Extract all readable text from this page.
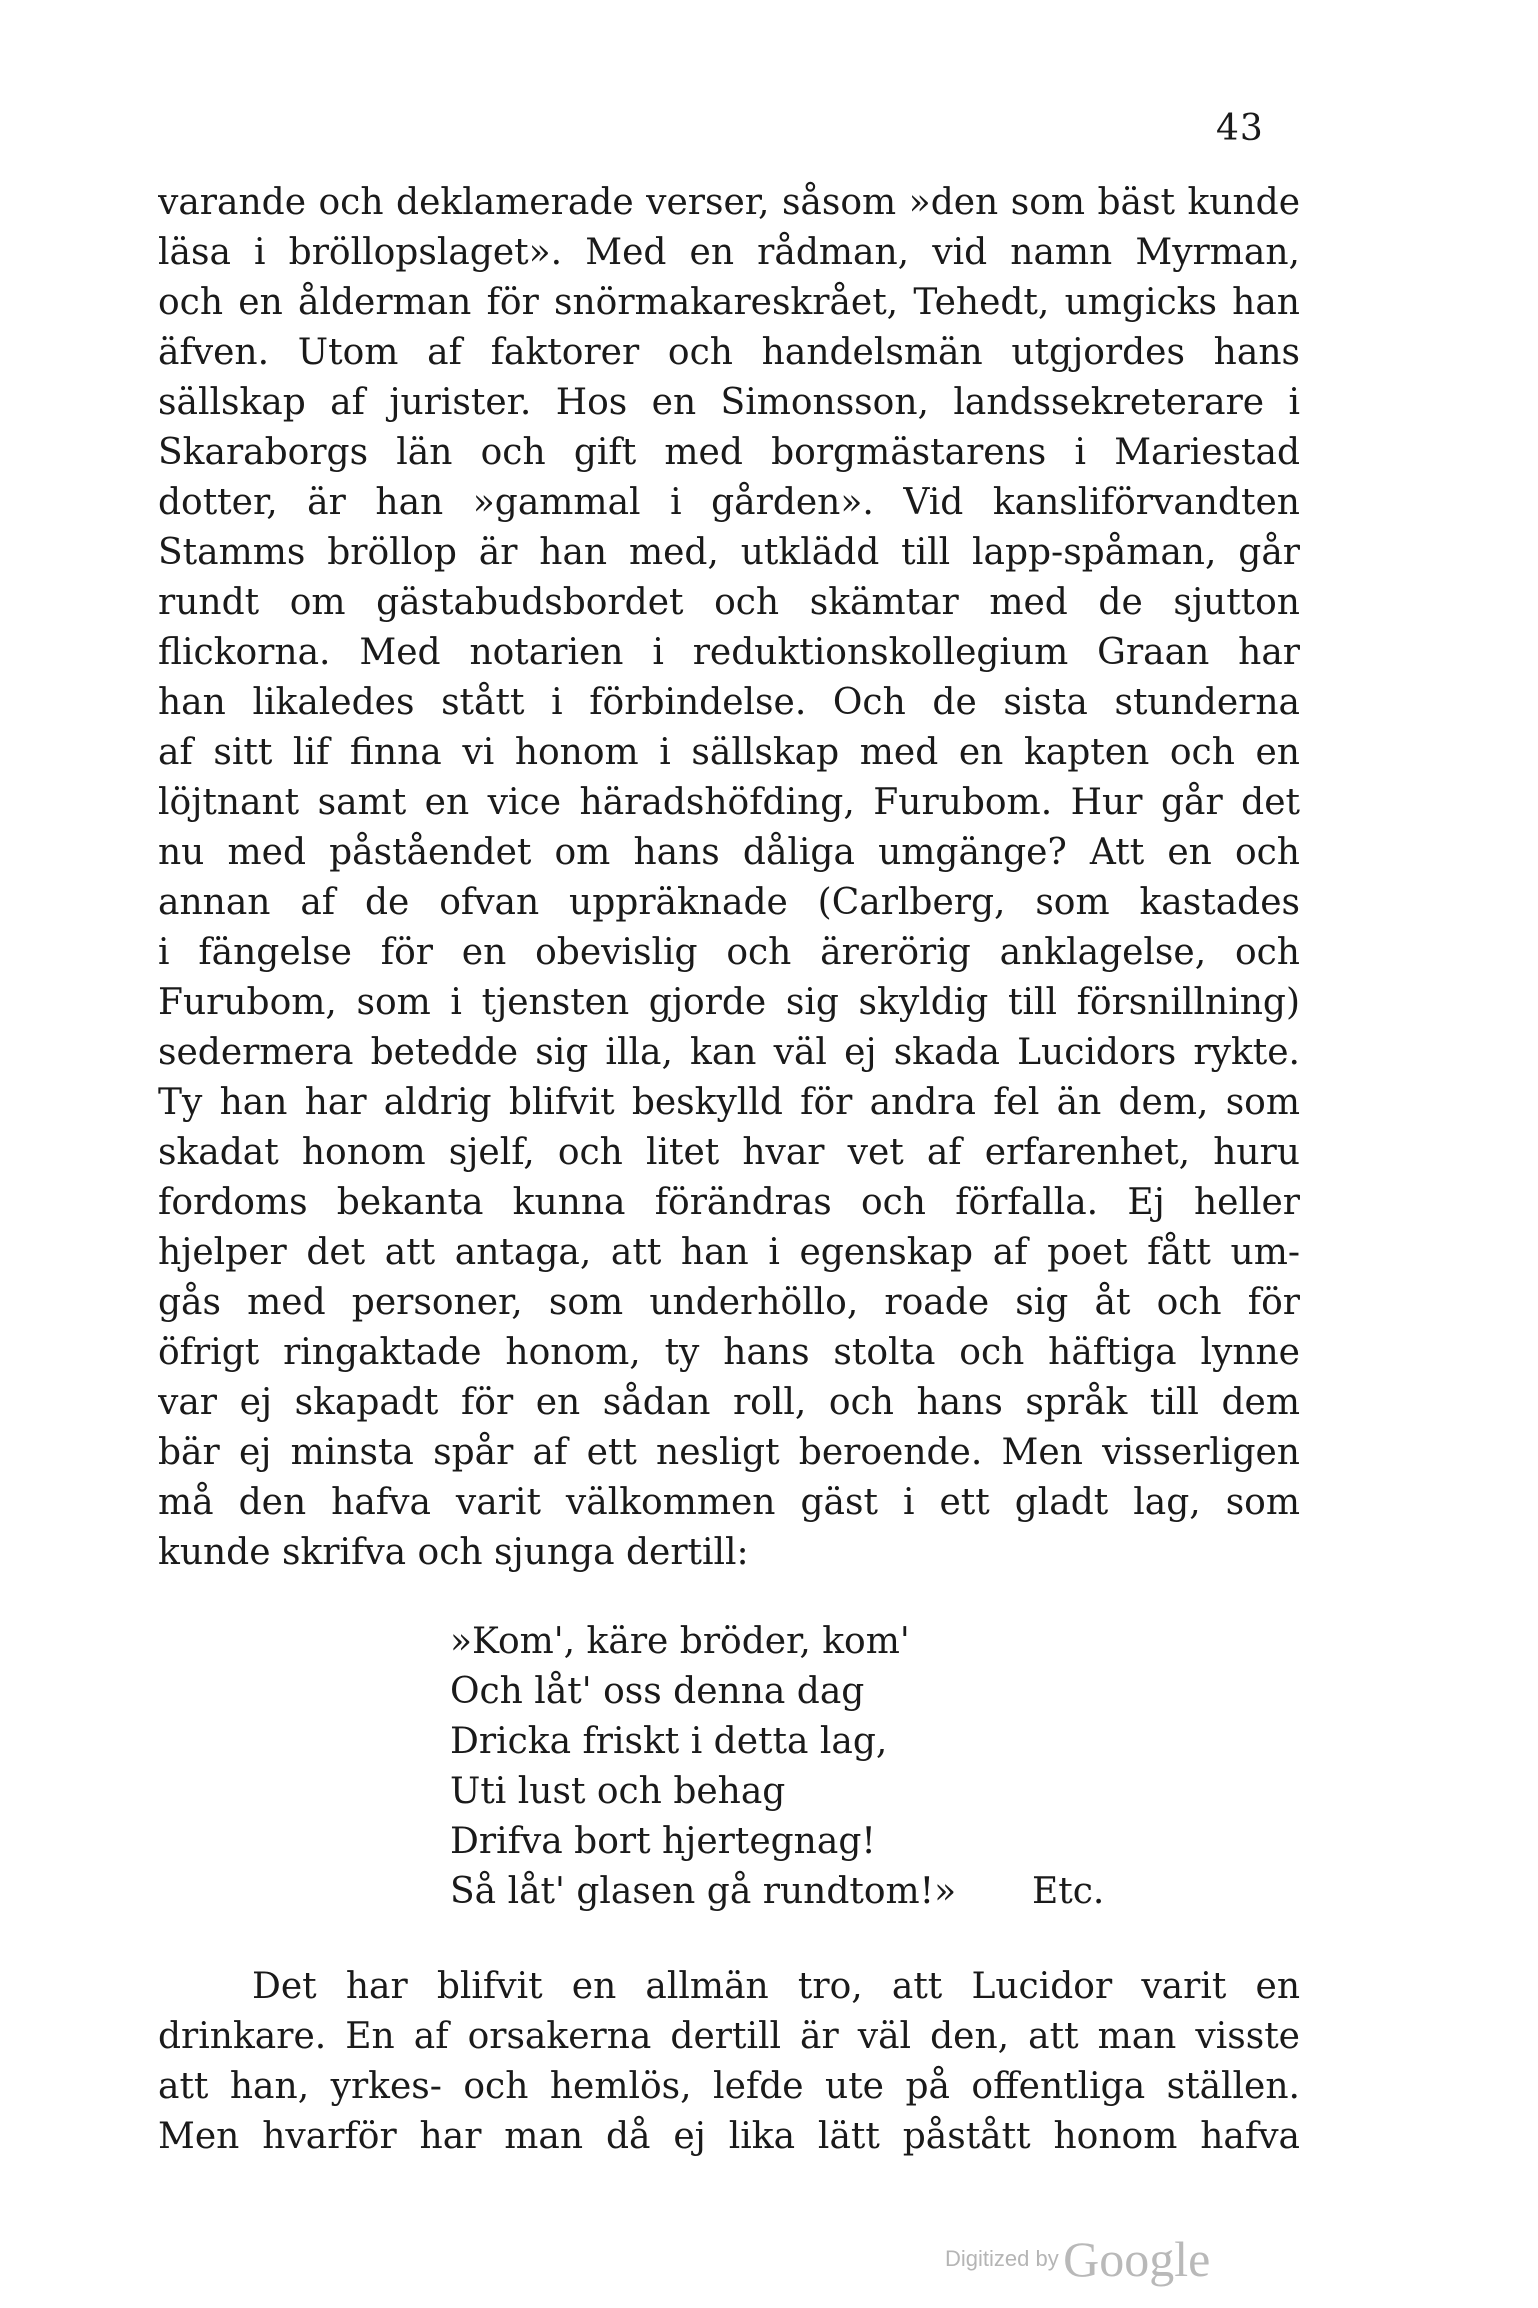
43
varande och deklamerade verser, såsom »den som bäst kunde
läsa i bröllopslaget». Med en rådman, vid namn Myrman,
och en ålderman för snörmakareskrået, Tehedt, umgicks han
äfven. Utom af faktorer och handelsmän utgjordes hans
sällskap af jurister. Hos en Simonsson, landssekreterare i
Skaraborgs län och gift med borgmästarens i Mariestad
dotter, är han »gammal i gården». Vid kansliförvandten
Stamms bröllop är han med, utklädd till lapp-spåman, går
rundt om gästabudsbordet och skämtar med de sjutton
flickorna. Med notarien i reduktionskollegium Graan har
han likaledes stått i förbindelse. Och de sista stunderna
af sitt lif finna vi honom i sällskap med en kapten och en
löjtnant samt en vice häradshöfding, Furubom. Hur går det
nu med påståendet om hans dåliga umgänge? Att en och
annan af de ofvan uppräknade (Carlberg, som kastades
i fängelse för en obevislig och ärerörig anklagelse, och
Furubom, som i tjensten gjorde sig skyldig till försnillning)
sedermera betedde sig illa, kan väl ej skada Lucidors rykte.
Ty han har aldrig blifvit beskylld för andra fel än dem, som
skadat honom sjelf, och litet hvar vet af erfarenhet, huru
fordoms bekanta kunna förändras och förfalla. Ej heller
hjelper det att antaga, att han i egenskap af poet fått um-
gås med personer, som underhöllo, roade sig åt och för
öfrigt ringaktade honom, ty hans stolta och häftiga lynne
var ej skapadt för en sådan roll, och hans språk till dem
bär ej minsta spår af ett nesligt beroende. Men visserligen
må den hafva varit välkommen gäst i ett gladt lag, som
kunde skrifva och sjunga dertill:
»Kom', käre bröder, kom'
Och låt' oss denna dag
Dricka friskt i detta lag,
Uti lust och behag
Drifva bort hjertegnag!
Så låt' glasen gå rundtom!» Etc.
Det har blifvit en allmän tro, att Lucidor varit en
drinkare. En af orsakerna dertill är väl den, att man visste
att han, yrkes- och hemlös, lefde ute på offentliga ställen.
Men hvarför har man då ej lika lätt påstått honom hafva
Digitized by Google
